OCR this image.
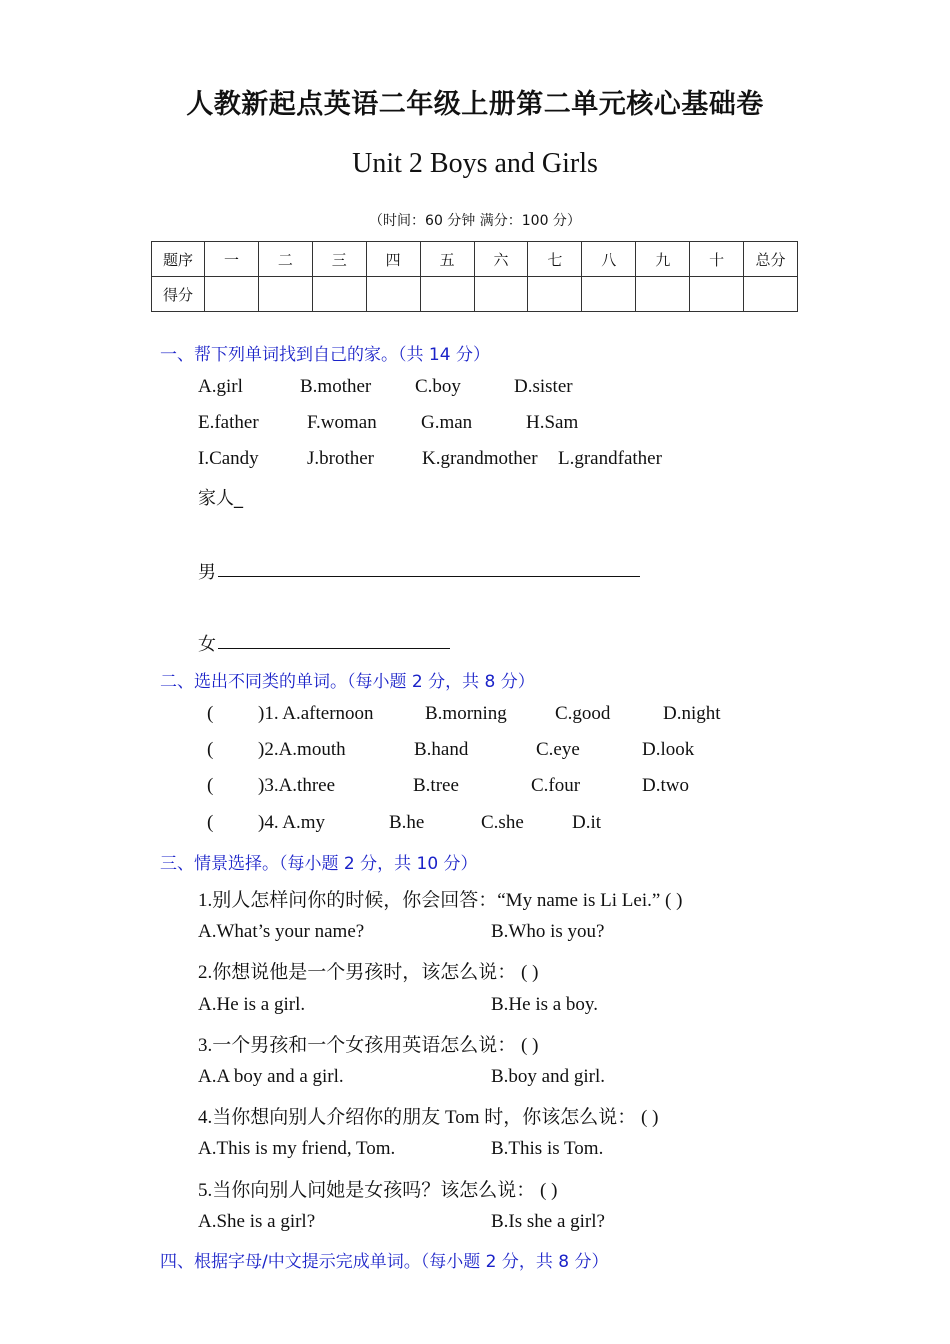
人教新起点英语二年级上册第二单元核心基础卷
Unit 2 Boys and Girls
（时间：60 分钟 满分：100 分）
题序	一	二	三	四	五	六	七	八	九	十	总分
得分											
一、帮下列单词找到自己的家。（共 14 分）
A.girl	B.mother C.boy	D.sister
E.father	F.woman G.man	H.Sam
I.Candy	J.brother	K.grandmother L.grandfather
家人_
男
女
二、选出不同类的单词。（每小题 2 分，共 8 分）
( )1. A.afternoon	B.morning	C.good	D.night
( )2.A.mouth	B.hand	C.eye	D.look
( )3.A.three	B.tree	C.four	D.two
( )4. A.my	B.he	C.she	D.it
三、情景选择。（每小题 2 分，共 10 分）
1.别人怎样问你的时候，你会回答：“My name is Li Lei.” ( )
A.What’s your name?	B.Who is you?
2.你想说他是一个男孩时，该怎么说： ( )
A.He is a girl.	B.He is a boy.
3.一个男孩和一个女孩用英语怎么说： ( )
A.A boy and a girl.	B.boy and girl.
4.当你想向别人介绍你的朋友 Tom 时，你该怎么说： ( )
A.This is my friend, Tom.	B.This is Tom.
5.当你向别人问她是女孩吗？该怎么说： ( )
A.She is a girl?	B.Is she a girl?
四、根据字母/中文提示完成单词。（每小题 2 分，共 8 分）
